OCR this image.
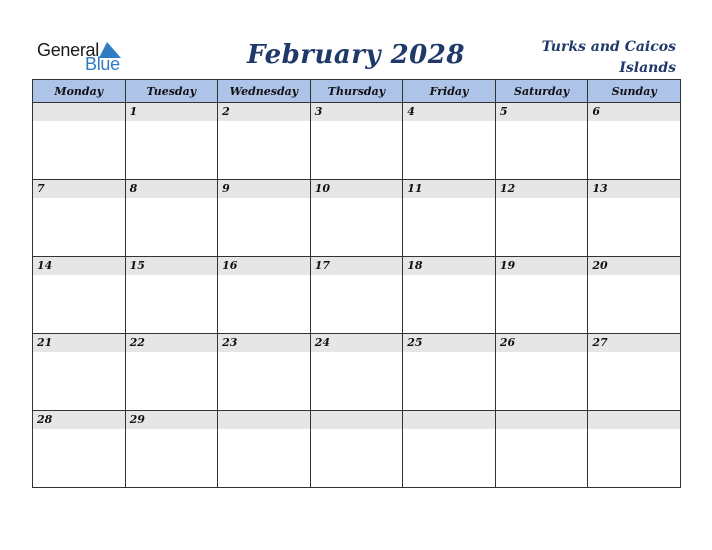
General
Blue	February 2028	Turks and Caicos Islands
Monday	Tuesday	Wednesday	Thursday	Friday	Saturday	Sunday

	1	2	3	4	5	6

7	8	9	10	11	12	13

14	15	16	17	18	19	20

21	22	23	24	25	26	27

28	29					
